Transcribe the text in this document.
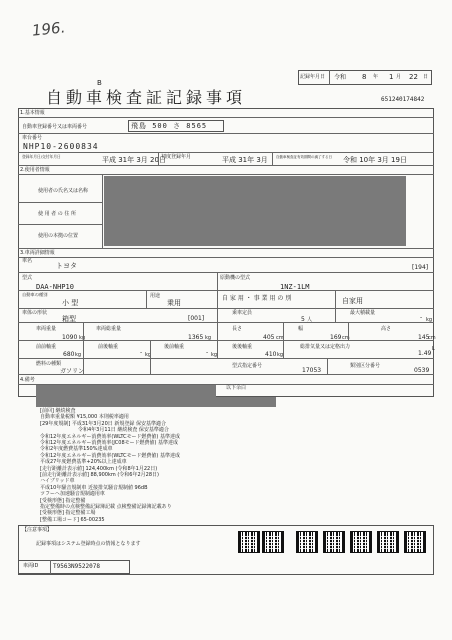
196.
記録年月日 令和 8 年 1 月 22 日
B
自動車検査証記録事項	651240174842
1.基本情報
自動車登録番号又は車両番号	飛島 500 さ 8565
車台番号
NHP10-2600834
登録年月日/交付年月日	平成 31年 3月 20日
初度登録年月	平成 31年 3月 自動車検査証有効期間の満了する日 令和 10年 3月 19日
2.使用者情報
使用者の氏名又は名称
使 用 者 の 住 所
使用の本拠の位置
3.車両詳細情報
車名
トヨタ	[194]
型式
DAA-NHP10
原動機の型式
1NZ-1LM
自動車の種別
小 型
用途
乗用
自 家 用 ・ 事 業 用 の 別	自家用
車体の形状
箱型	[001]
乗車定員
5 人
最大積載量
- kg
車両重量
1090 kg
車両総重量
1365 kg
長さ
405 cm
幅
169 cm
高さ
145
cm
前前軸重
680 kg
前後軸重
- kg
後前軸重
- kg
後後軸重
410 kg
総排気量又は定格出力
1.49
L
燃料の種類
ガソリン
型式指定番号
17053
類別区分番号
0539
4.備考
以下余白
[前回] 継続検査
自動車重量税額 ¥15,000 本則税率適用
[29年度規制] 平成31年3月20日 新規登録 保安基準適合
令和4年3月11日 継続検査 保安基準適合
令和12年度エネルギー消費効率(WLTCモード燃費値) 基準達成
令和12年度エネルギー消費効率(JC08モード燃費値) 基準達成
令和2年度燃費基準150%達成車
令和12年度エネルギー消費効率(WLTCモード燃費値) 基準達成
平成27年度燃費基準+20%以上達成車
[走行距離計表示値] 124,400km (令和8年1月22日)
[前走行距離計表示値] 88,900km (令和6年2月28日)
ハイブリッド車
平成10年騒音規制車 近接排気騒音規制値 96dB
ツフーヘ加速騒音規制適用車
[受検形態] 指定整備
指定整備時の点検整備記録簿記載 点検整備記録簿記載あり
[受検形態] 指定整備工場
[整備工場コード] 65-00235
【注意事項】
記録事項はシステム登録時点の情報となります
車両ID T9563N9522078
